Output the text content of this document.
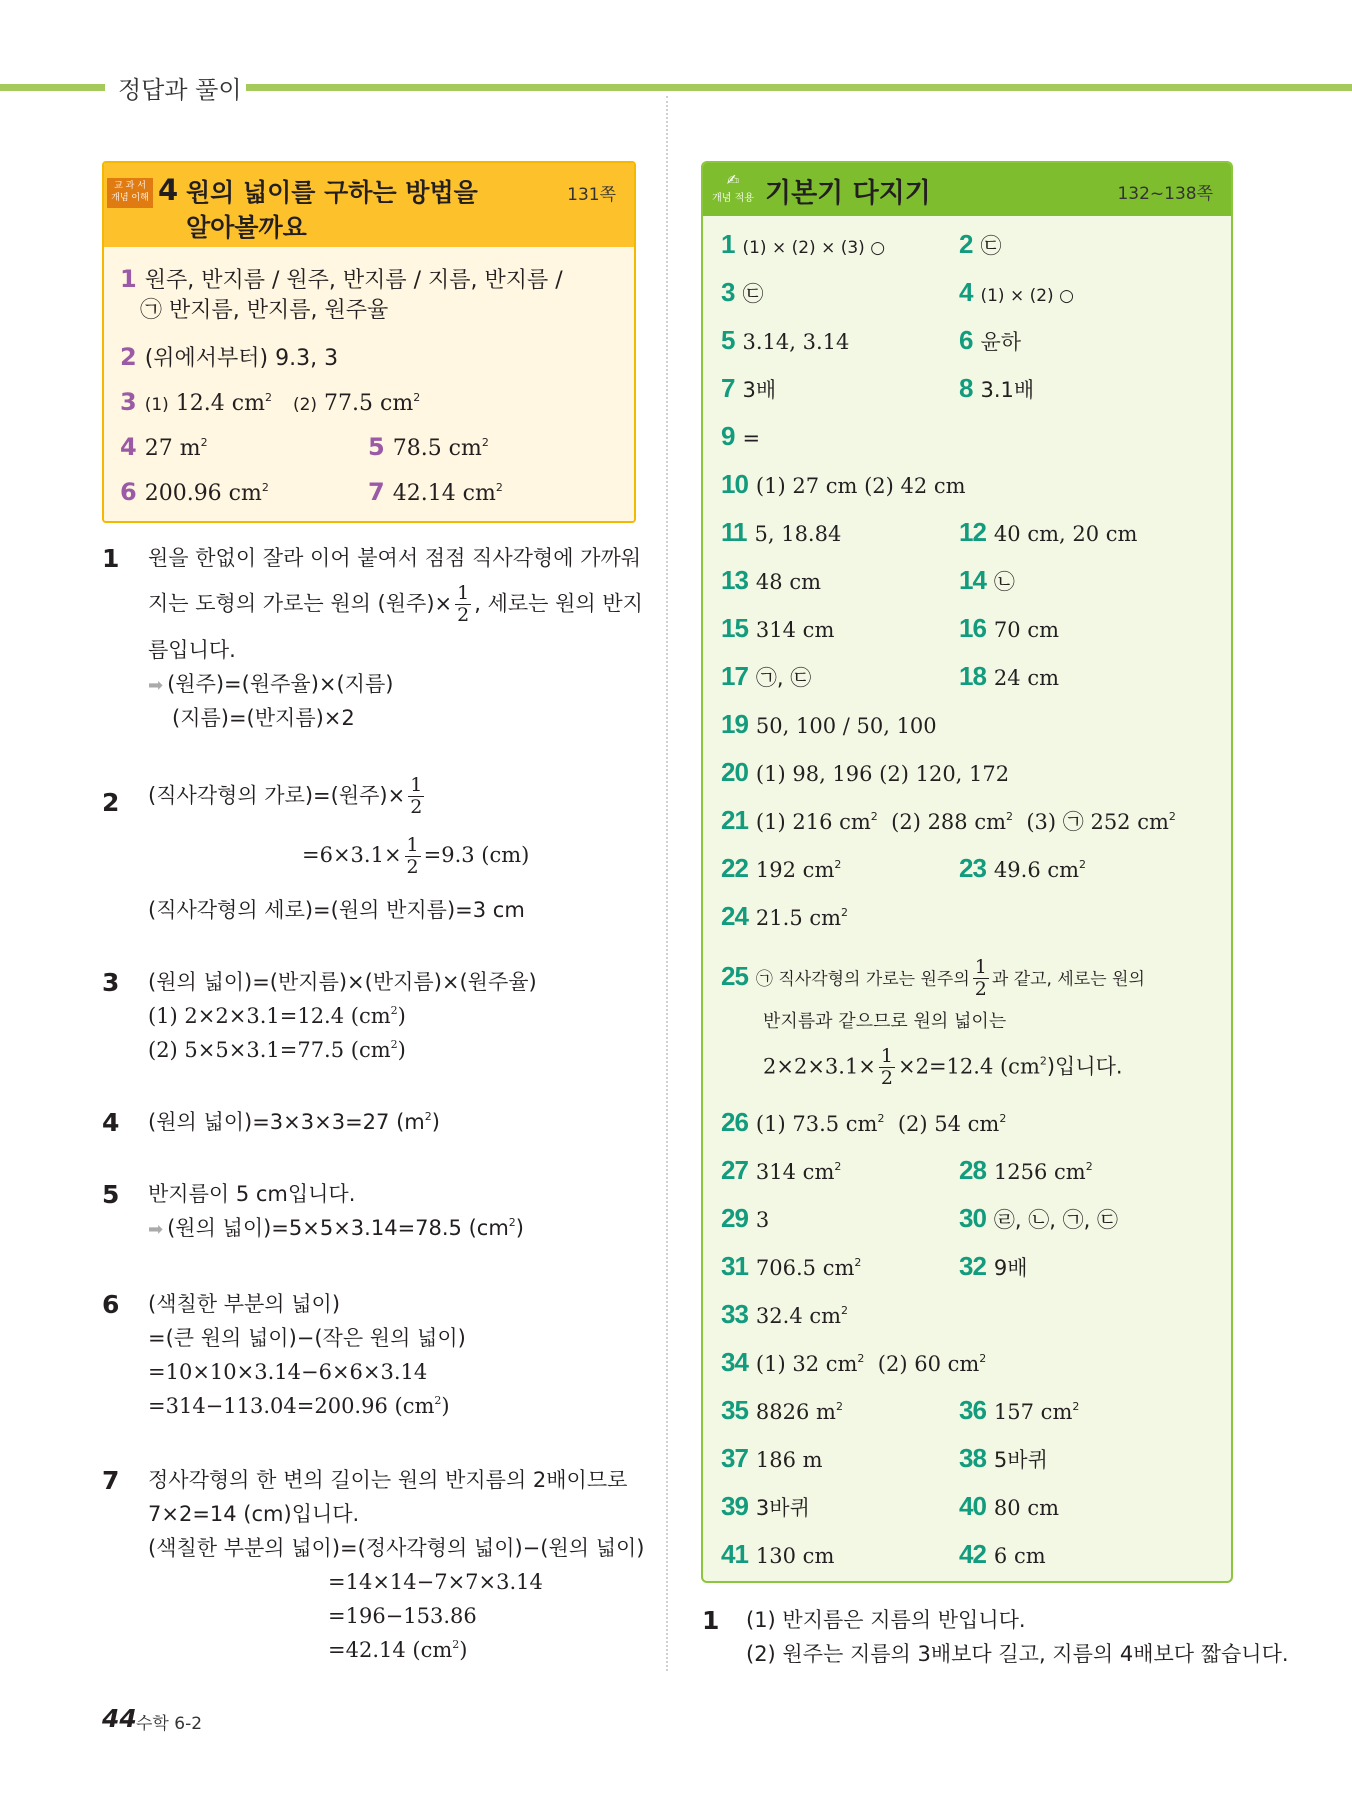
정답과 풀이
교 과 서
개념 이해 4 원의 넓이를 구하는 방법을
알아볼까요
131쪽
1 원주, 반지름 / 원주, 반지름 / 지름, 반지름 /
㉠ 반지름, 반지름, 원주율
2 (위에서부터) 9.3, 3
3 (1) 12.4 $cm^2$ (2) 77.5 $cm^2$
4 27 $m^2$	5 78.5 $cm^2$
6 200.96 $cm^2$	7 42.14 $cm^2$
1 원을 한없이 잘라 이어 붙여서 점점 직사각형에 가까워
지는 도형의 가로는 원의 (원주)× $\frac{1}{2}$ , 세로는 원의 반지
름입니다.
➡ (원주)=(원주율)×(지름)
(지름)=(반지름)×2
2 (직사각형의 가로)=(원주)× $\frac{1}{2}$
$=6\times 3.1\times \frac{1}{2} =9.3$ (cm)
(직사각형의 세로)=(원의 반지름)=3 cm
3 (원의 넓이)=(반지름)×(반지름)×(원주율)
(1) 2×2×3.1=12.4 $(cm^2)$
(2) 5×5×3.1=77.5 $(cm^2)$
4 (원의 넓이)=3×3×3=27 $(m^2)$
5 반지름이 5 cm입니다.
➡ (원의 넓이)=5×5×3.14=78.5 $(cm^2)$
6 (색칠한 부분의 넓이)
=(큰 원의 넓이)−(작은 원의 넓이)
=10×10×3.14−6×6×3.14
=314−113.04=200.96 $(cm^2)$
7 정사각형의 한 변의 길이는 원의 반지름의 2배이므로
7×2=14 (cm)입니다.
(색칠한 부분의 넓이)=(정사각형의 넓이)−(원의 넓이)
=14×14−7×7×3.14
=196−153.86
=42.14 $(cm^2)$
✍
개념 적용 기본기 다지기	132~138쪽
1 (1) × (2) × (3) ○	2 ㉢
3 ㉢	4 (1) × (2) ○
5 3.14, 3.14	6 윤하
7 3배	8 3.1배
9 =
10 (1) 27 cm (2) 42 cm
11 5, 18.84	12 40 cm, 20 cm
13 48 cm	14 ㉡
15 314 cm	16 70 cm
17 ㉠, ㉢	18 24 cm
19 50, 100 / 50, 100
20 (1) 98, 196 (2) 120, 172
21 (1) 216 $cm^2$ (2) 288 $cm^2$ (3) ㉠ 252 $cm^2$
22 192 $cm^2$	23 49.6 $cm^2$
24 21.5 $cm^2$
25 ㉠ 직사각형의 가로는 원주의 $\frac{1}{2}$ 과 같고, 세로는 원의
반지름과 같으므로 원의 넓이는
$2\times 2\times 3.1\times \frac{1}{2} \times 2=12.4$ $(cm^2)$입니다.
26 (1) 73.5 $cm^2$ (2) 54 $cm^2$
27 314 $cm^2$	28 1256 $cm^2$
29 3	30 ㉣, ㉡, ㉠, ㉢
31 706.5 $cm^2$	32 9배
33 32.4 $cm^2$
34 (1) 32 $cm^2$ (2) 60 $cm^2$
35 8826 $m^2$	36 157 $cm^2$
37 186 m	38 5바퀴
39 3바퀴	40 80 cm
41 130 cm	42 6 cm
1 (1) 반지름은 지름의 반입니다.
(2) 원주는 지름의 3배보다 길고, 지름의 4배보다 짧습니다.
44 수학 6-2
